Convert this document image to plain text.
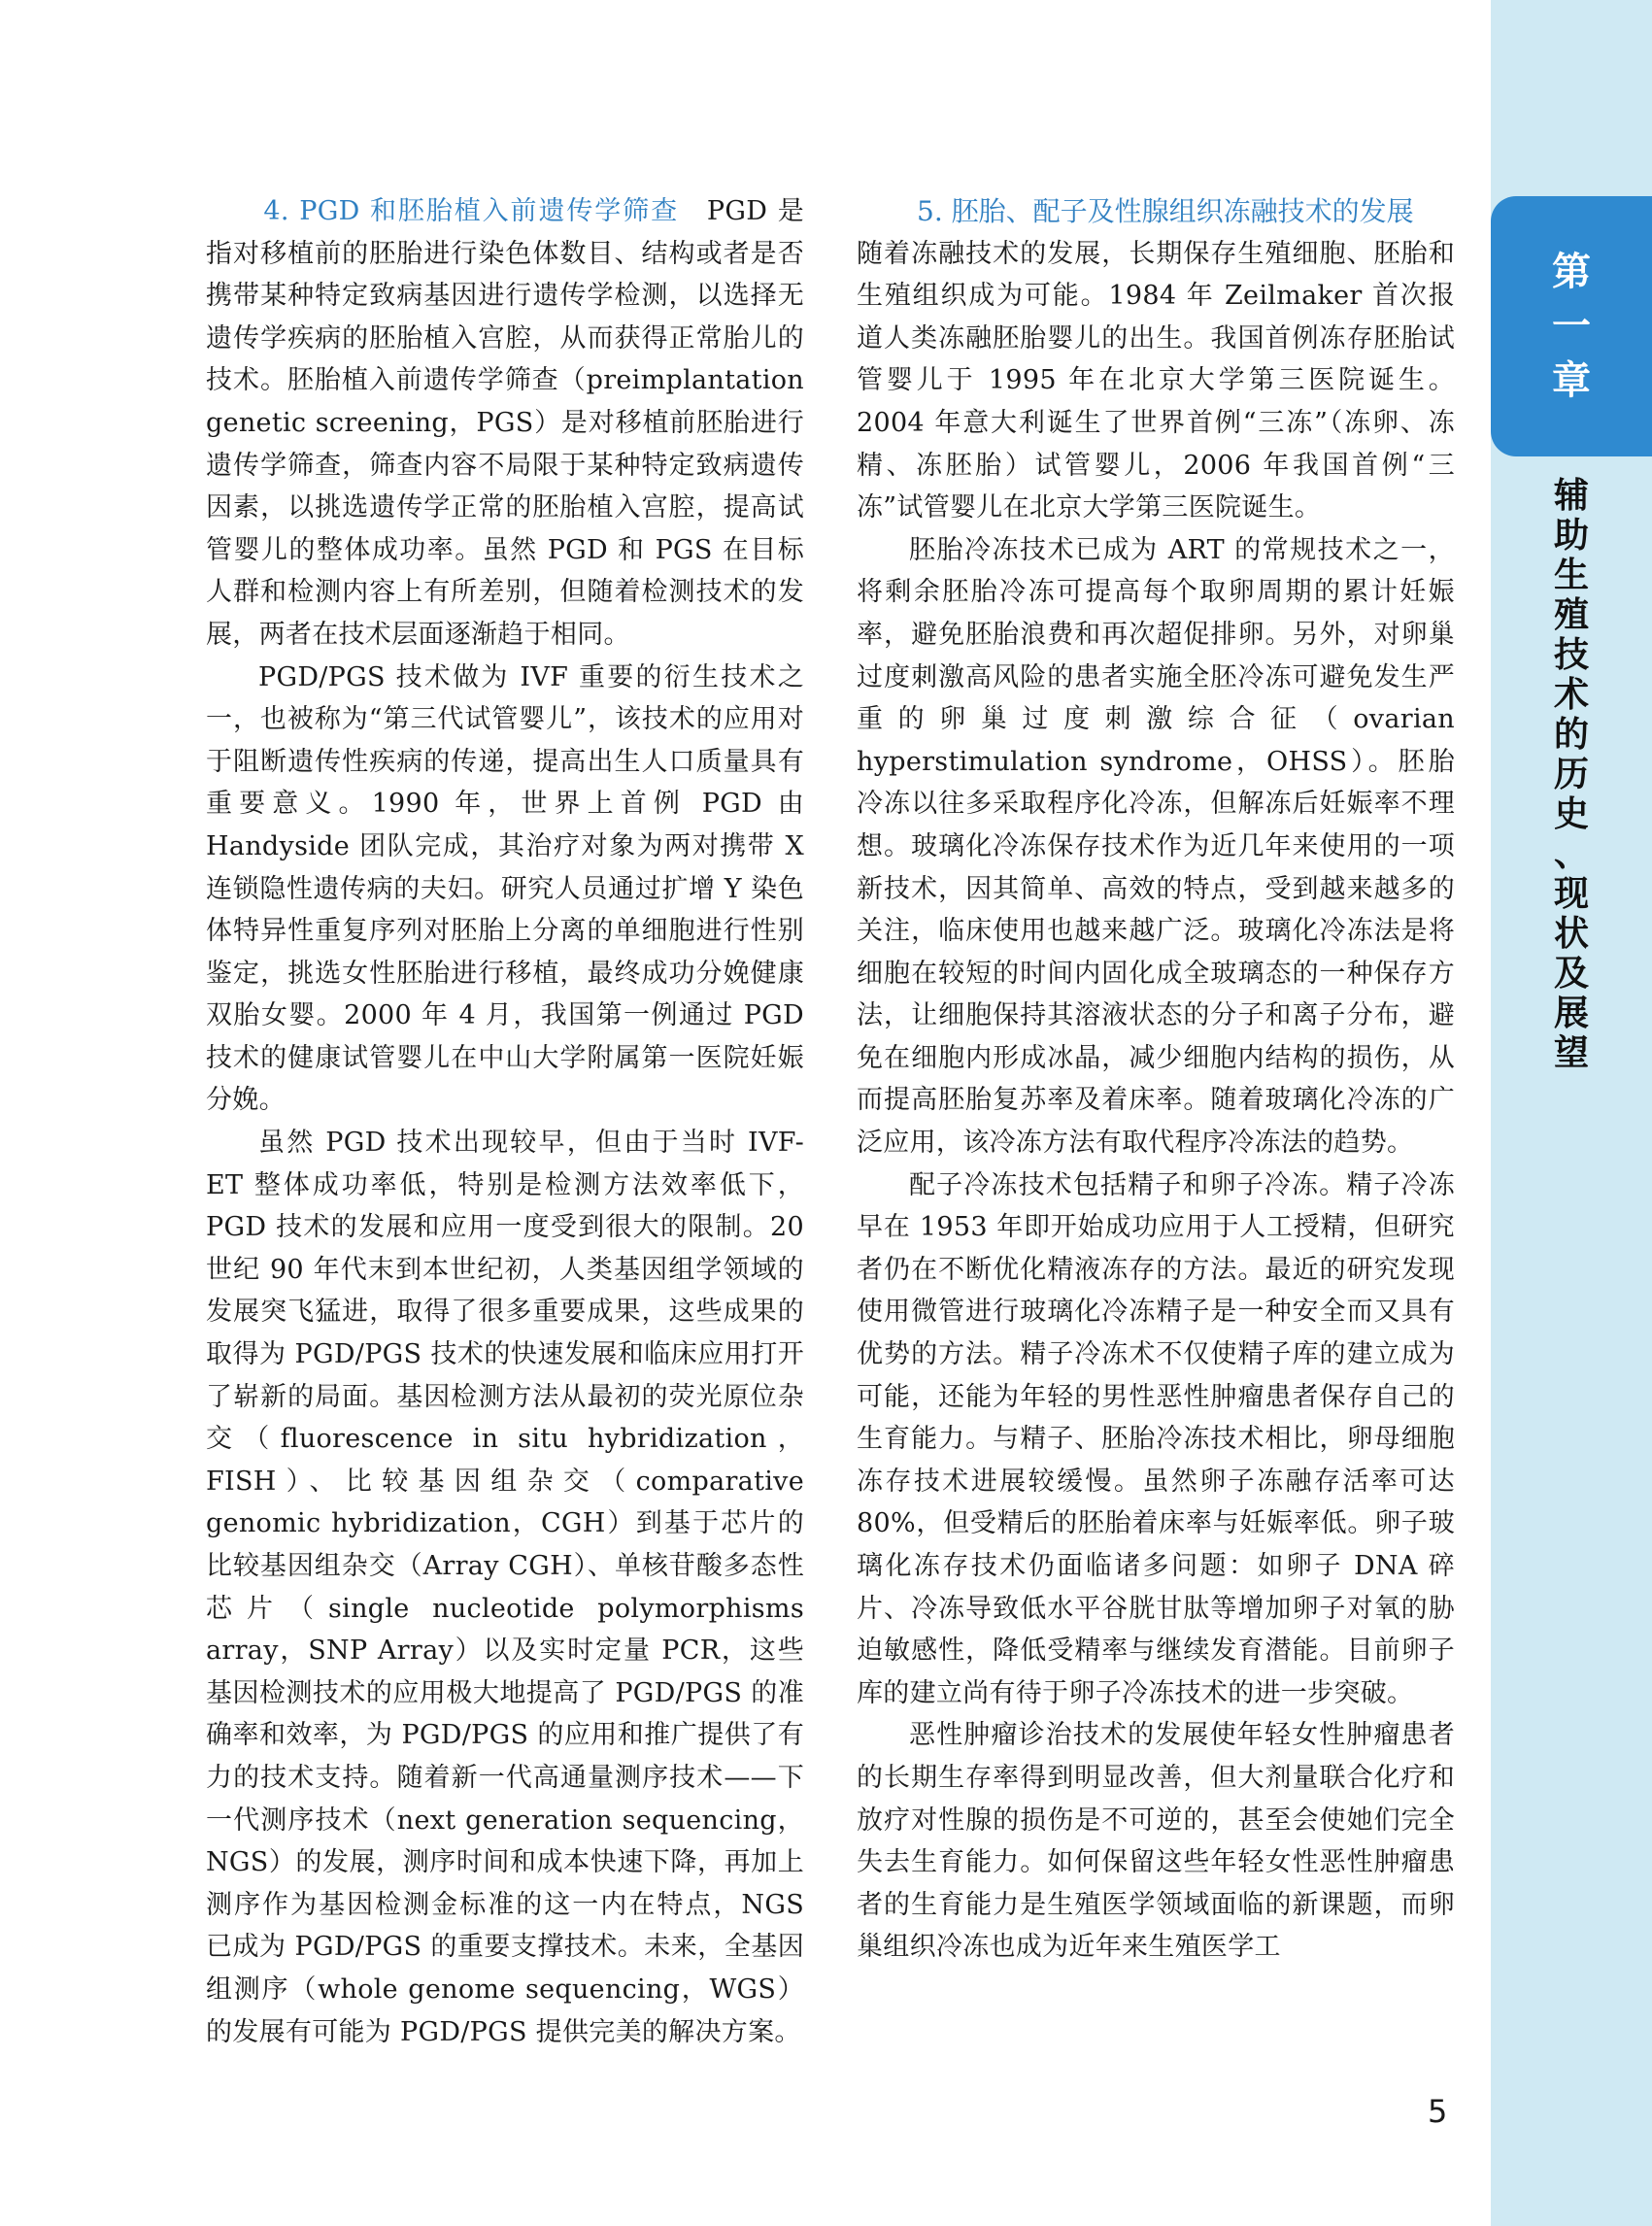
第
一
章
辅
助
生
殖
技
术
的
历
史
、
现
状
及
展
望

4. PGD 和胚胎植入前遗传学筛查　 PGD 是指对移植前的胚胎进行染色体数目、结构或者是否携带某种特定致病基因进行遗传学检测，以选择无遗传学疾病的胚胎植入宫腔，从而获得正常胎儿的技术。胚胎植入前遗传学筛查（preimplantation genetic screening，PGS）是对移植前胚胎进行遗传学筛查，筛查内容不局限于某种特定致病遗传因素，以挑选遗传学正常的胚胎植入宫腔，提高试管婴儿的整体成功率。虽然 PGD 和 PGS 在目标人群和检测内容上有所差别，但随着检测技术的发展，两者在技术层面逐渐趋于相同。

PGD/PGS 技术做为 IVF 重要的衍生技术之一，也被称为“第三代试管婴儿”，该技术的应用对于阻断遗传性疾病的传递，提高出生人口质量具有重要意义。1990 年，世界上首例 PGD 由 Handyside 团队完成，其治疗对象为两对携带 X 连锁隐性遗传病的夫妇。研究人员通过扩增 Y 染色体特异性重复序列对胚胎上分离的单细胞进行性别鉴定，挑选女性胚胎进行移植，最终成功分娩健康双胎女婴。2000 年 4 月，我国第一例通过 PGD 技术的健康试管婴儿在中山大学附属第一医院妊娠分娩。

虽然 PGD 技术出现较早，但由于当时 IVF-ET 整体成功率低，特别是检测方法效率低下，PGD 技术的发展和应用一度受到很大的限制。20 世纪 90 年代末到本世纪初，人类基因组学领域的发展突飞猛进，取得了很多重要成果，这些成果的取得为 PGD/PGS 技术的快速发展和临床应用打开了崭新的局面。基因检测方法从最初的荧光原位杂交（fluorescence in situ hybridization，FISH）、比较基因组杂交（comparative genomic hybridization，CGH）到基于芯片的比较基因组杂交（Array CGH）、单核苷酸多态性芯片（single nucleotide polymorphisms array，SNP Array）以及实时定量 PCR，这些基因检测技术的应用极大地提高了 PGD/PGS 的准确率和效率，为 PGD/PGS 的应用和推广提供了有力的技术支持。随着新一代高通量测序技术——下一代测序技术（next generation sequencing，NGS）的发展，测序时间和成本快速下降，再加上测序作为基因检测金标准的这一内在特点，NGS 已成为 PGD/PGS 的重要支撑技术。未来，全基因组测序（whole genome sequencing，WGS）的发展有可能为 PGD/PGS 提供完美的解决方案。

5. 胚胎、配子及性腺组织冻融技术的发展

随着冻融技术的发展，长期保存生殖细胞、胚胎和生殖组织成为可能。1984 年 Zeilmaker 首次报道人类冻融胚胎婴儿的出生。我国首例冻存胚胎试管婴儿于 1995 年在北京大学第三医院诞生。2004 年意大利诞生了世界首例“三冻”（冻卵、冻精、冻胚胎）试管婴儿，2006 年我国首例“三冻”试管婴儿在北京大学第三医院诞生。

胚胎冷冻技术已成为 ART 的常规技术之一，将剩余胚胎冷冻可提高每个取卵周期的累计妊娠率，避免胚胎浪费和再次超促排卵。另外，对卵巢过度刺激高风险的患者实施全胚冷冻可避免发生严重的卵巢过度刺激综合征（ovarian hyperstimulation syndrome，OHSS）。胚胎冷冻以往多采取程序化冷冻，但解冻后妊娠率不理想。玻璃化冷冻保存技术作为近几年来使用的一项新技术，因其简单、高效的特点，受到越来越多的关注，临床使用也越来越广泛。玻璃化冷冻法是将细胞在较短的时间内固化成全玻璃态的一种保存方法，让细胞保持其溶液状态的分子和离子分布，避免在细胞内形成冰晶，减少细胞内结构的损伤，从而提高胚胎复苏率及着床率。随着玻璃化冷冻的广泛应用，该冷冻方法有取代程序冷冻法的趋势。

配子冷冻技术包括精子和卵子冷冻。精子冷冻早在 1953 年即开始成功应用于人工授精，但研究者仍在不断优化精液冻存的方法。最近的研究发现使用微管进行玻璃化冷冻精子是一种安全而又具有优势的方法。精子冷冻术不仅使精子库的建立成为可能，还能为年轻的男性恶性肿瘤患者保存自己的生育能力。与精子、胚胎冷冻技术相比，卵母细胞冻存技术进展较缓慢。虽然卵子冻融存活率可达 80%，但受精后的胚胎着床率与妊娠率低。卵子玻璃化冻存技术仍面临诸多问题：如卵子 DNA 碎片、冷冻导致低水平谷胱甘肽等增加卵子对氧的胁迫敏感性，降低受精率与继续发育潜能。目前卵子库的建立尚有待于卵子冷冻技术的进一步突破。

恶性肿瘤诊治技术的发展使年轻女性肿瘤患者的长期生存率得到明显改善，但大剂量联合化疗和放疗对性腺的损伤是不可逆的，甚至会使她们完全失去生育能力。如何保留这些年轻女性恶性肿瘤患者的生育能力是生殖医学领域面临的新课题，而卵巢组织冷冻也成为近年来生殖医学工

5
